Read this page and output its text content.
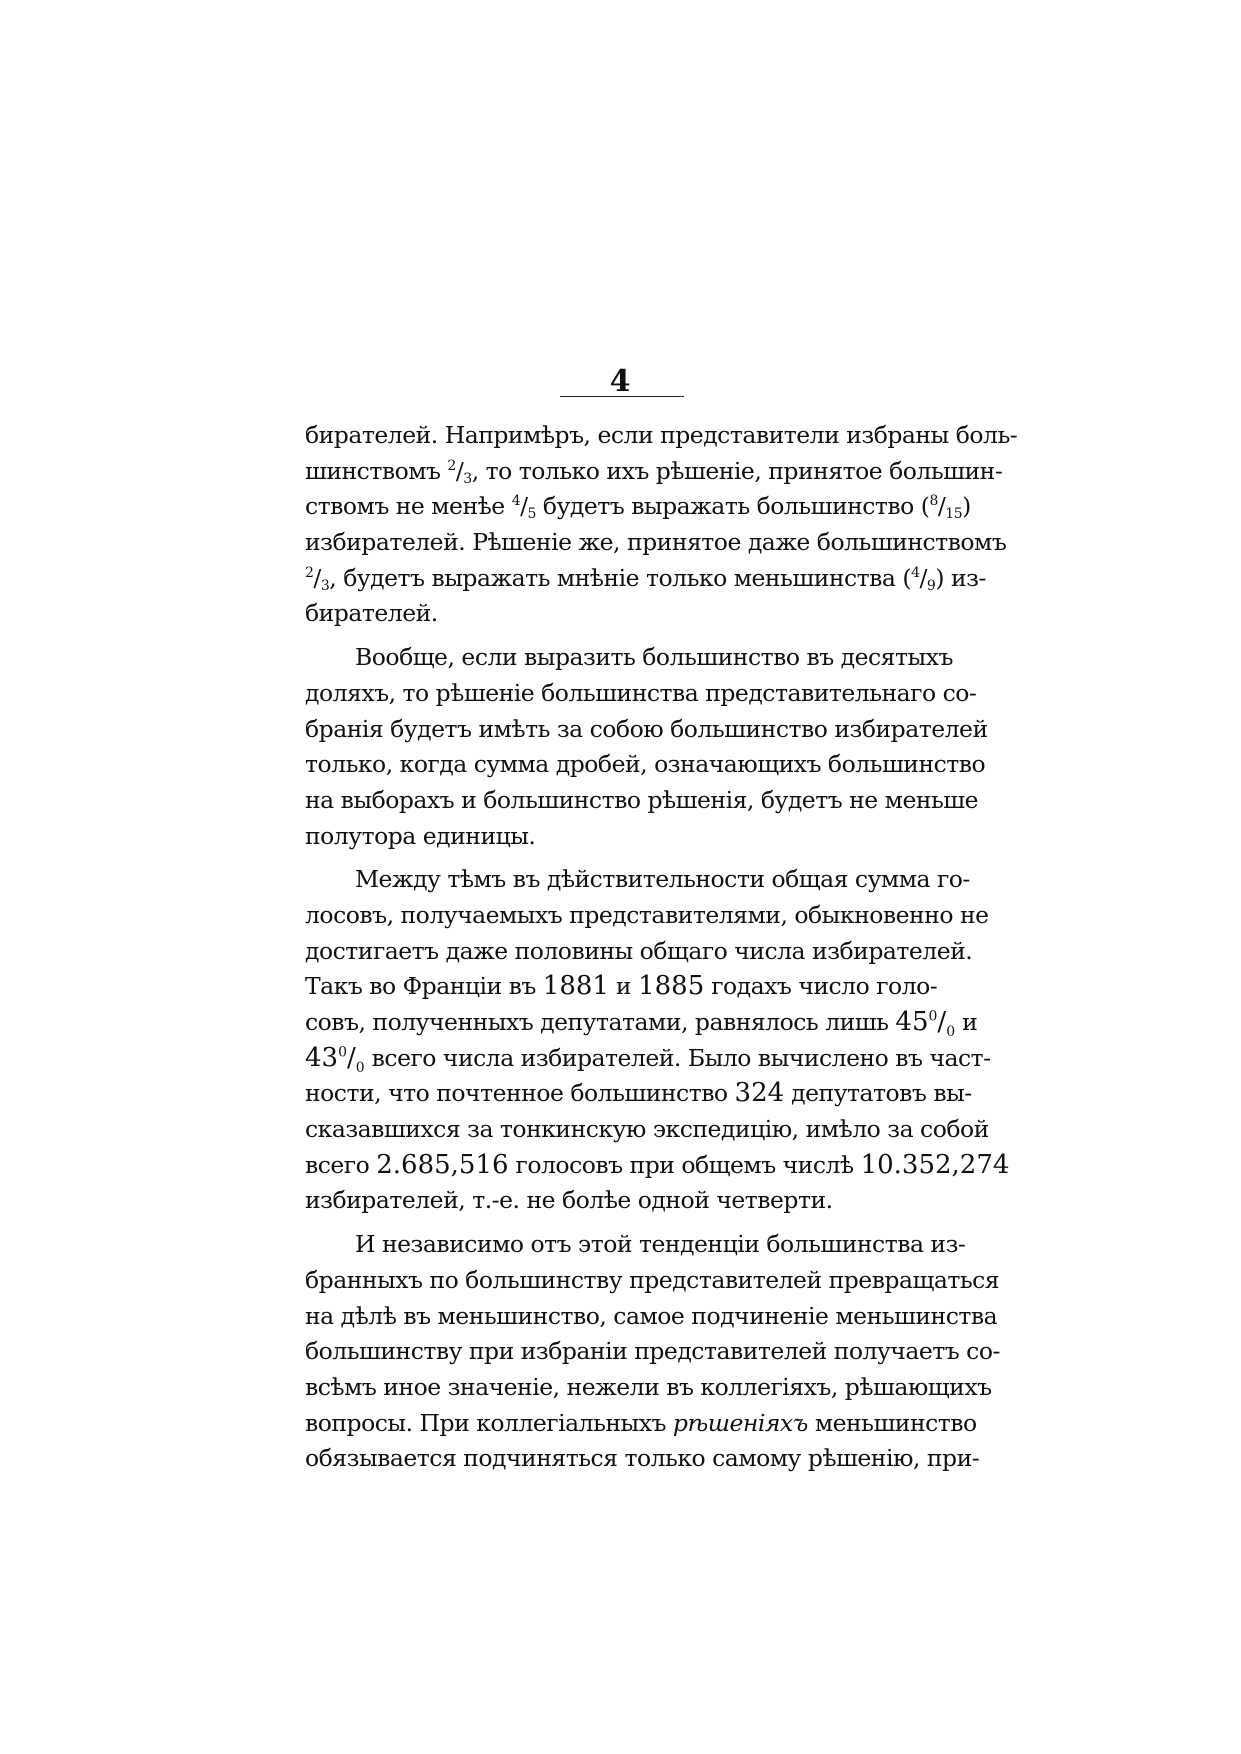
4
бирателей. Напримѣръ, если представители избраны боль-
шинствомъ $^2$/3, то только ихъ рѣшеніе, принятое большин-
ствомъ не менѣе $^4$/5 будетъ выражать большинство ($^8$/15)
избирателей. Рѣшеніе же, принятое даже большинствомъ
$^2$/3, будетъ выражать мнѣніе только меньшинства ($^4$/9) из-
бирателей.
Вообще, если выразить большинство въ десятыхъ
доляхъ, то рѣшеніе большинства представительнаго со-
бранія будетъ имѣть за собою большинство избирателей
только, когда сумма дробей, означающихъ большинство
на выборахъ и большинство рѣшенія, будетъ не меньше
полутора единицы.
Между тѣмъ въ дѣйствительности общая сумма го-
лосовъ, получаемыхъ представителями, обыкновенно не
достигаетъ даже половины общаго числа избирателей.
Такъ во Франціи въ 1881 и 1885 годахъ число голо-
совъ, полученныхъ депутатами, равнялось лишь $45^0/_0$ и
$43^0/_0$ всего числа избирателей. Было вычислено въ част-
ности, что почтенное большинство 324 депутатовъ вы-
сказавшихся за тонкинскую экспедицію, имѣло за собой
всего 2.685,516 голосовъ при общемъ числѣ 10.352,274
избирателей, т.-е. не болѣе одной четверти.
И независимо отъ этой тенденціи большинства из-
бранныхъ по большинству представителей превращаться
на дѣлѣ въ меньшинство, самое подчиненіе меньшинства
большинству при избраніи представителей получаетъ со-
всѣмъ иное значеніе, нежели въ коллегіяхъ, рѣшающихъ
вопросы. При коллегіальныхъ рѣшеніяхъ меньшинство
обязывается подчиняться только самому рѣшенію, при-
